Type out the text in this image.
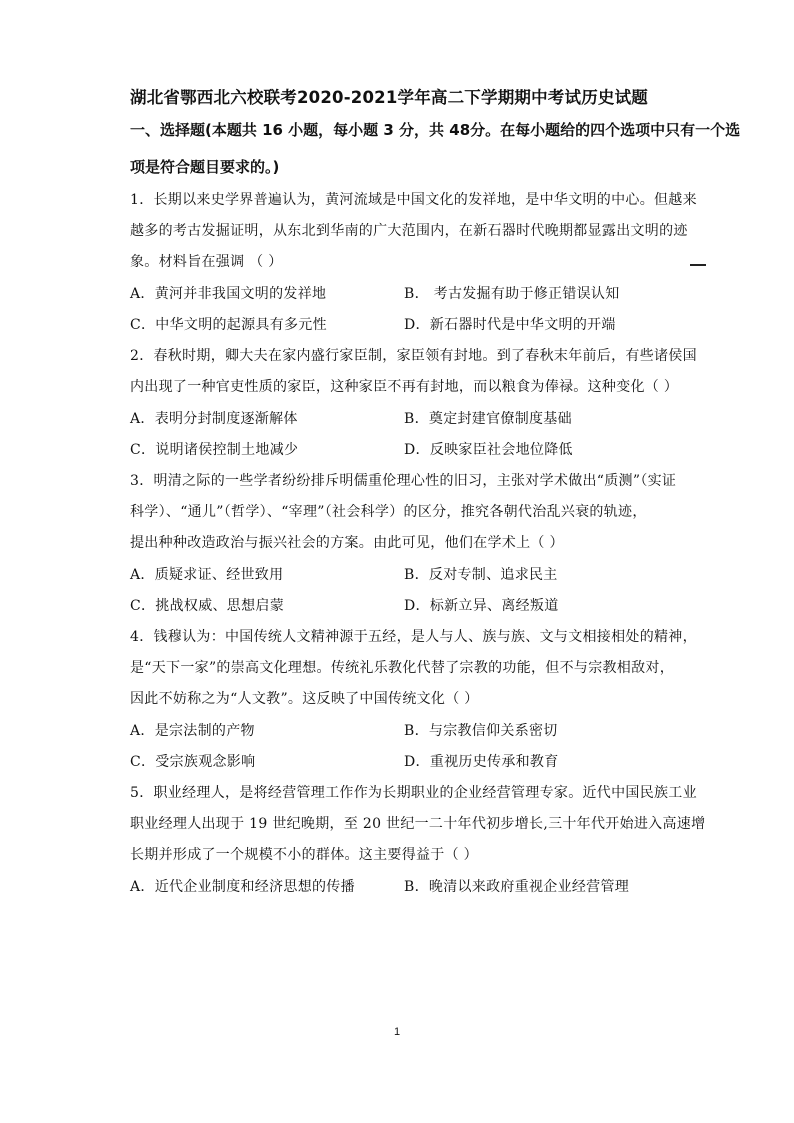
湖北省鄂西北六校联考2020-2021学年高二下学期期中考试历史试题
一、选择题(本题共 16 小题，每小题 3 分，共 48分。在每小题给的四个选项中只有一个选
项是符合题目要求的。)
1．长期以来史学界普遍认为，黄河流域是中国文化的发祥地，是中华文明的中心。但越来
越多的考古发掘证明，从东北到华南的广大范围内，在新石器时代晚期都显露出文明的迹
象。材料旨在强调 （ ）
A．黄河并非我国文明的发祥地	B． 考古发掘有助于修正错误认知
C．中华文明的起源具有多元性	D．新石器时代是中华文明的开端
2．春秋时期，卿大夫在家内盛行家臣制，家臣领有封地。到了春秋末年前后，有些诸侯国
内出现了一种官吏性质的家臣，这种家臣不再有封地，而以粮食为俸禄。这种变化（ ）
A．表明分封制度逐渐解体	B．奠定封建官僚制度基础
C．说明诸侯控制土地减少	D．反映家臣社会地位降低
3．明清之际的一些学者纷纷排斥明儒重伦理心性的旧习，主张对学术做出“质测”（实证
科学）、“通儿”（哲学）、“宰理”（社会科学）的区分，推究各朝代治乱兴衰的轨迹，
提出种种改造政治与振兴社会的方案。由此可见，他们在学术上（ ）
A．质疑求证、经世致用	B．反对专制、追求民主
C．挑战权威、思想启蒙	D．标新立异、离经叛道
4．钱穆认为：中国传统人文精神源于五经，是人与人、族与族、文与文相接相处的精神，
是“天下一家”的崇高文化理想。传统礼乐教化代替了宗教的功能，但不与宗教相敌对，
因此不妨称之为“人文教”。这反映了中国传统文化（ ）
A．是宗法制的产物	B．与宗教信仰关系密切
C．受宗族观念影响	D．重视历史传承和教育
5．职业经理人，是将经营管理工作作为长期职业的企业经营管理专家。近代中国民族工业
职业经理人出现于 19 世纪晚期，至 20 世纪一二十年代初步增长,三十年代开始进入高速增
长期并形成了一个规模不小的群体。这主要得益于（ ）
A．近代企业制度和经济思想的传播	B．晚清以来政府重视企业经营管理
1
